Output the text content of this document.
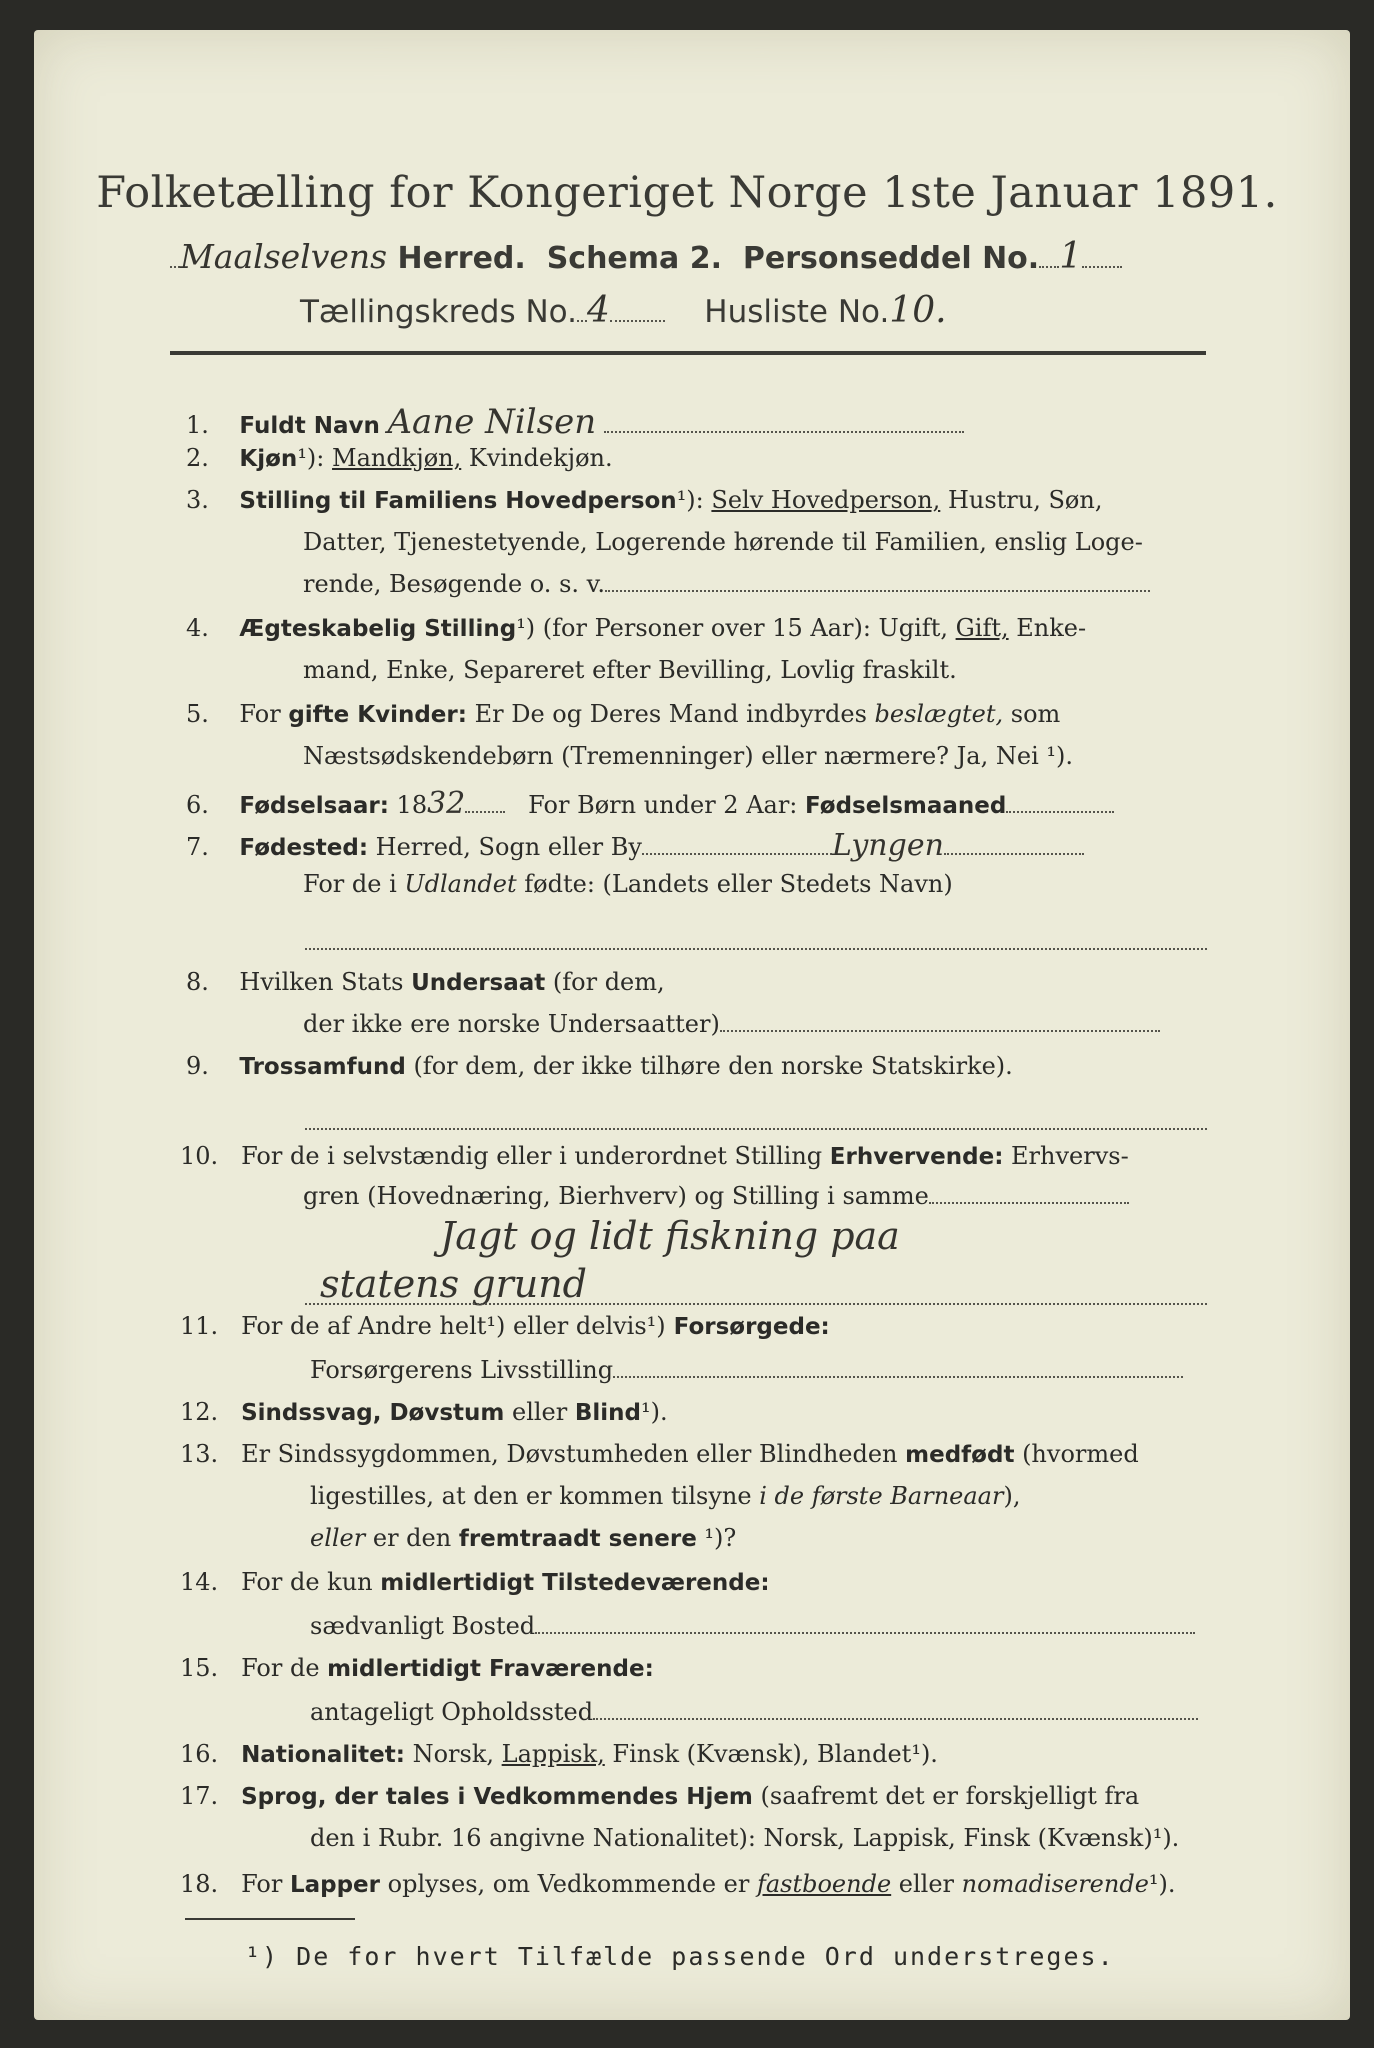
Folketælling for Kongeriget Norge 1ste Januar 1891.
Maalselvens Herred. Schema 2. Personseddel No. 1
Tællingskreds No. 4	Husliste No.10.
1. Fuldt Navn Aane Nilsen
2. Kjøn¹): Mandkjøn, Kvindekjøn.
3. Stilling til Familiens Hovedperson¹): Selv Hovedperson, Hustru, Søn,
Datter, Tjenestetyende, Logerende hørende til Familien, enslig Loge-
rende, Besøgende o. s. v.
4. Ægteskabelig Stilling¹) (for Personer over 15 Aar): Ugift, Gift, Enke-
mand, Enke, Separeret efter Bevilling, Lovlig fraskilt.
5. For gifte Kvinder: Er De og Deres Mand indbyrdes beslægtet, som
Næstsødskendebørn (Tremenninger) eller nærmere? Ja, Nei ¹).
6. Fødselsaar: 1832	For Børn under 2 Aar: Fødselsmaaned
7. Fødested: Herred, Sogn eller By	Lyngen
For de i Udlandet fødte: (Landets eller Stedets Navn)
8. Hvilken Stats Undersaat (for dem,
der ikke ere norske Undersaatter)
9. Trossamfund (for dem, der ikke tilhøre den norske Statskirke).
10. For de i selvstændig eller i underordnet Stilling Erhvervende: Erhvervs-
gren (Hovednæring, Bierhverv) og Stilling i samme
Jagt og lidt fiskning paa
statens grund
11. For de af Andre helt¹) eller delvis¹) Forsørgede:
Forsørgerens Livsstilling
12. Sindssvag, Døvstum eller Blind¹).
13. Er Sindssygdommen, Døvstumheden eller Blindheden medfødt (hvormed
ligestilles, at den er kommen tilsyne i de første Barneaar),
eller er den fremtraadt senere ¹)?
14. For de kun midlertidigt Tilstedeværende:
sædvanligt Bosted
15. For de midlertidigt Fraværende:
antageligt Opholdssted
16. Nationalitet: Norsk, Lappisk, Finsk (Kvænsk), Blandet¹).
17. Sprog, der tales i Vedkommendes Hjem (saafremt det er forskjelligt fra
den i Rubr. 16 angivne Nationalitet): Norsk, Lappisk, Finsk (Kvænsk)¹).
18. For Lapper oplyses, om Vedkommende er fastboende eller nomadiserende¹).
¹) De for hvert Tilfælde passende Ord understreges.
